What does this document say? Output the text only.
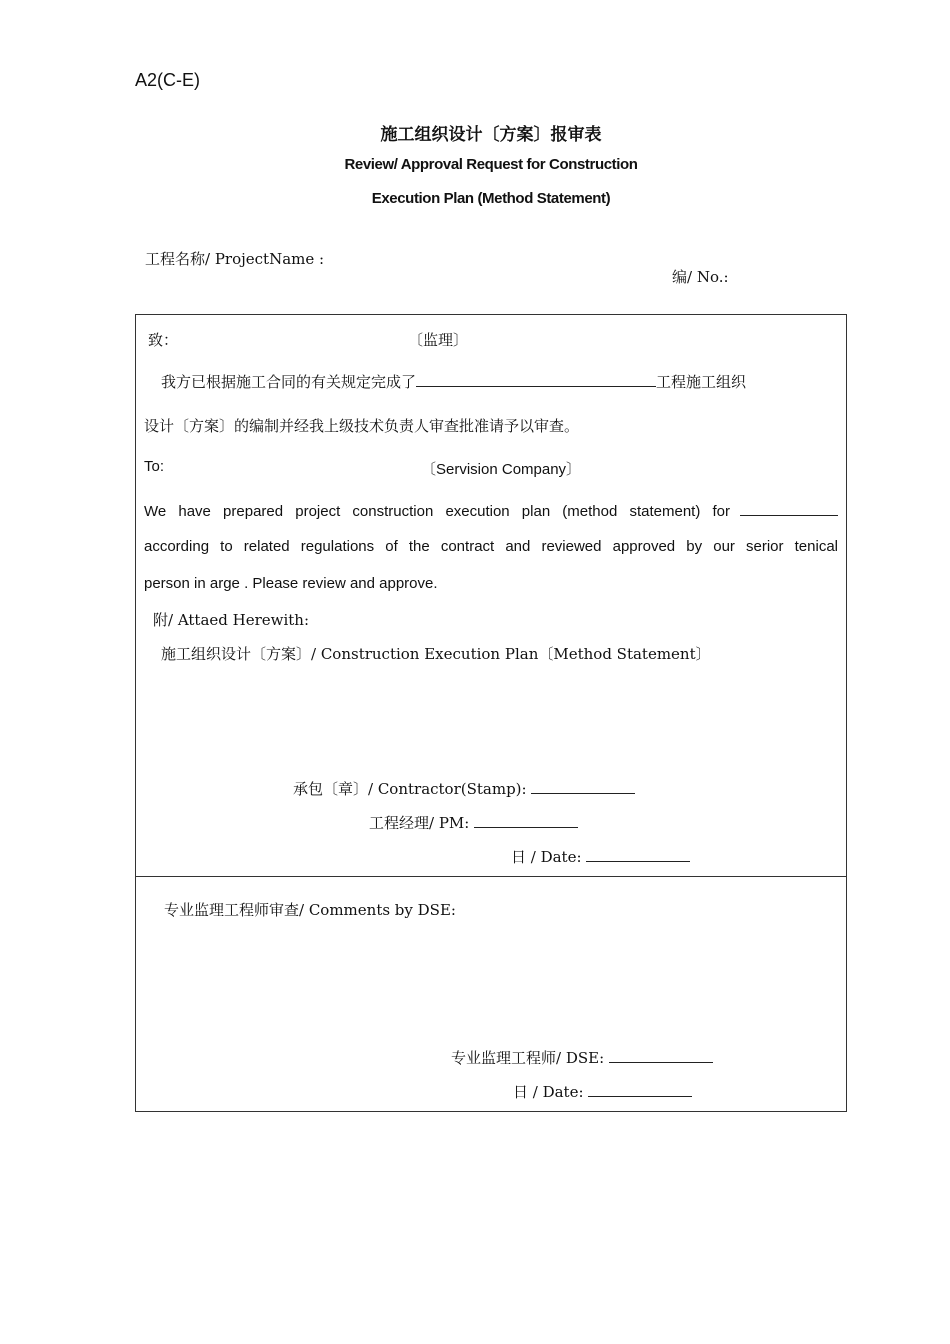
A2(C-E)
施工组织设计〔方案〕报审表
Review/ Approval Request for Construction
Execution Plan (Method Statement)
工程名称/ ProjectName :
编/ No.:
致：	〔监理〕
我方已根据施工合同的有关规定完成了	工程施工组织
设计〔方案〕的编制并经我上级技术负责人审查批准请予以审查。
To:	〔Servision Company〕
We have prepared project construction execution plan (method statement) for
according to related regulations of the contract and reviewed approved by our serior tenical
person in arge . Please review and approve.
附/ Attaed Herewith:
施工组织设计〔方案〕/ Construction Execution Plan〔Method Statement〕
承包〔章〕/ Contractor(Stamp):
工程经理/ PM:
日 / Date:
专业监理工程师审查/ Comments by DSE:
专业监理工程师/ DSE:
日 / Date:
